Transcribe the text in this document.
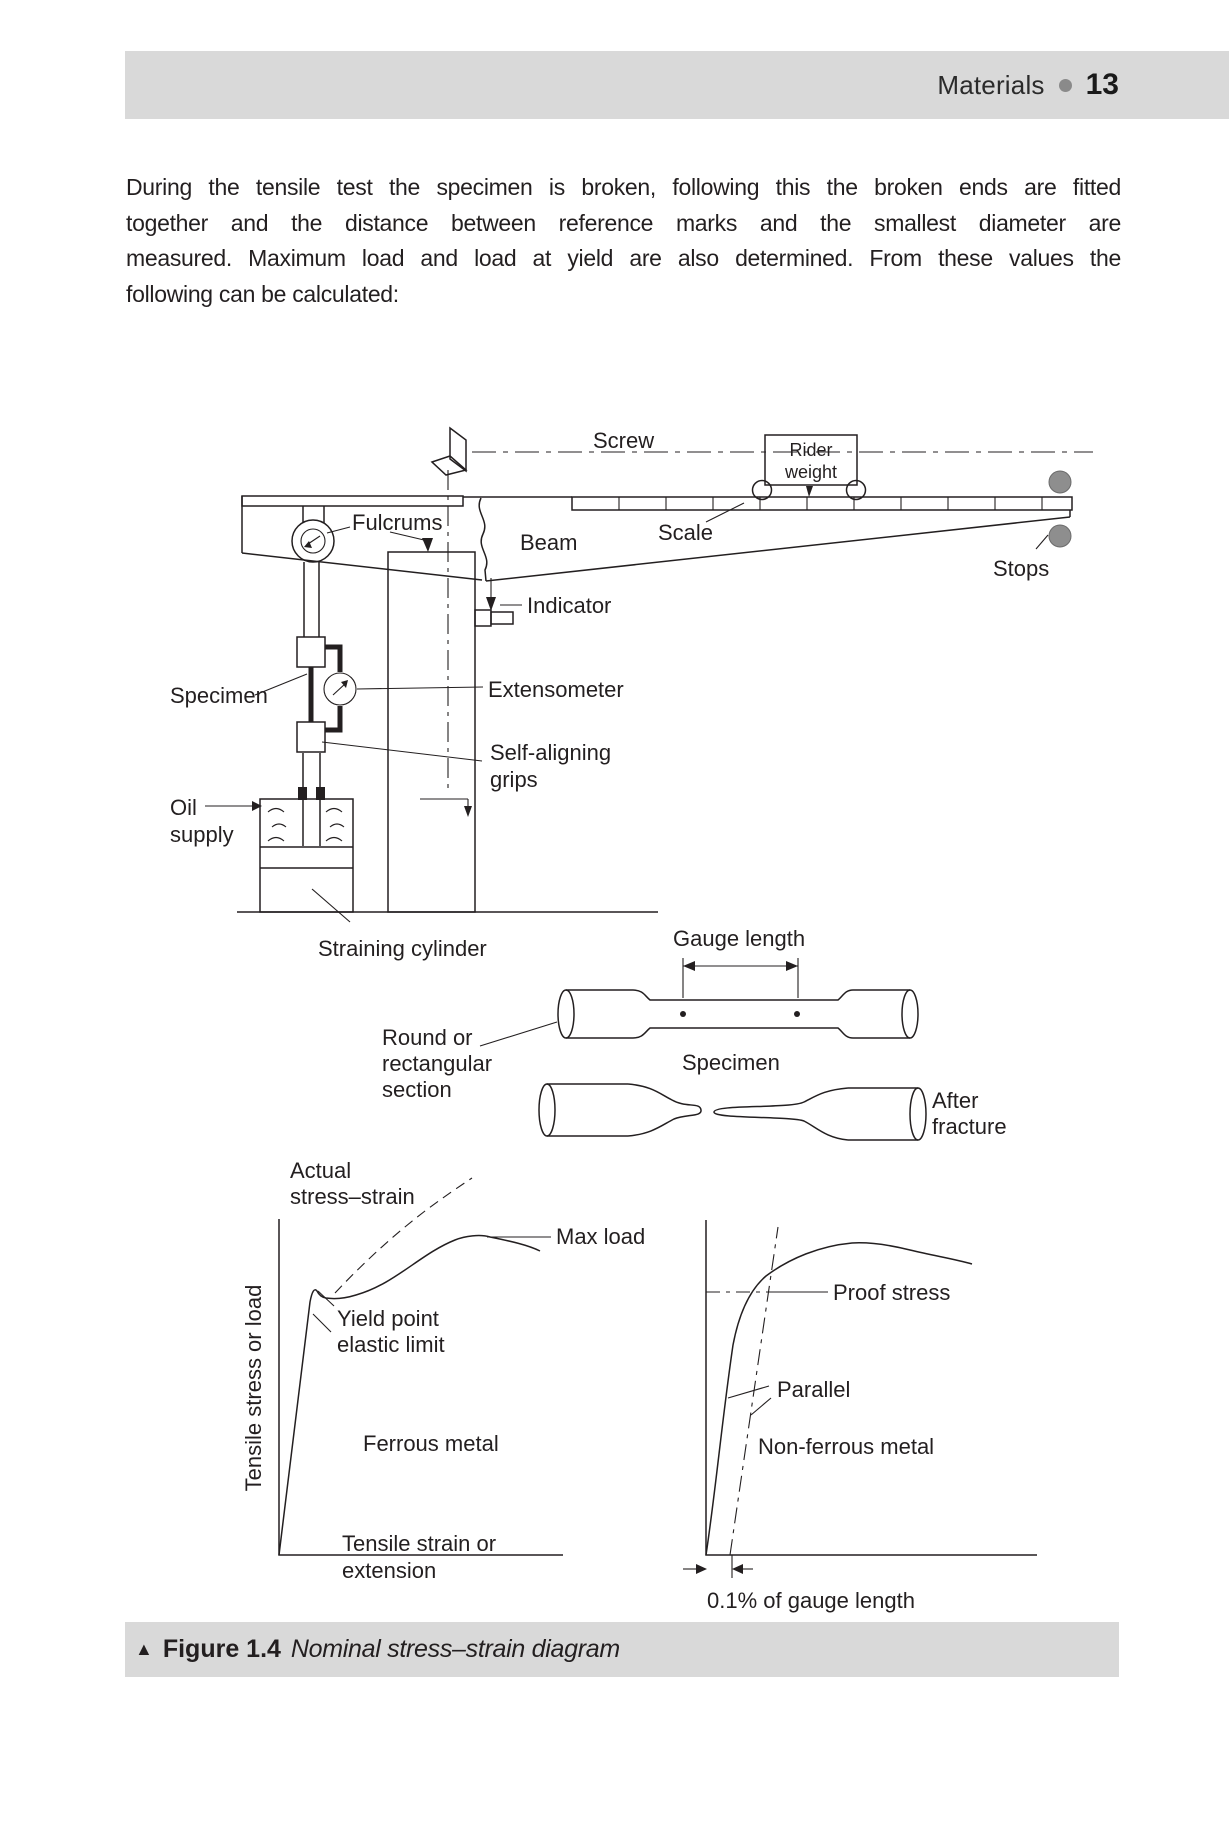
Materials 13
During the tensile test the specimen is broken, following this the broken ends are fitted
together and the distance between reference marks and the smallest diameter are
measured. Maximum load and load at yield are also determined. From these values the
following can be calculated:
Screw	Rider
weight
Fulcrums
Beam	Scale
Stops
Indicator
Specimen	Extensometer
Self-aligning
grips
Oil
supply
Straining cylinder	Gauge length
Round or
rectangular
section
Specimen
After
fracture
Actual
stress–strain
Max load
Yield point
elastic limit
Ferrous metal
Tensile stress or load
Tensile strain or
extension
Proof stress
Parallel
Non-ferrous metal
0.1% of gauge length
▲ Figure 1.4 Nominal stress–strain diagram
